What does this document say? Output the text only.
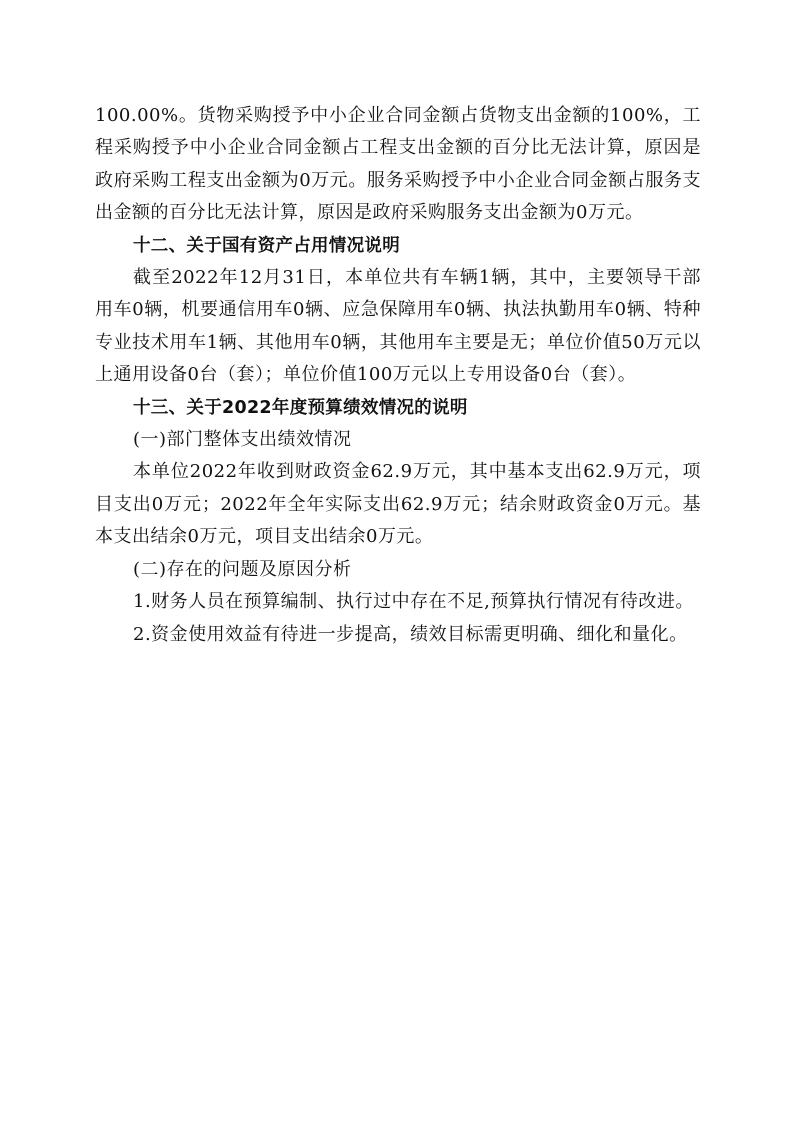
100.00%。货物采购授予中小企业合同金额占货物支出金额的100%，工程采购授予中小企业合同金额占工程支出金额的百分比无法计算，原因是政府采购工程支出金额为0万元。服务采购授予中小企业合同金额占服务支出金额的百分比无法计算，原因是政府采购服务支出金额为0万元。

十二、关于国有资产占用情况说明

截至2022年12月31日，本单位共有车辆1辆，其中，主要领导干部用车0辆，机要通信用车0辆、应急保障用车0辆、执法执勤用车0辆、特种专业技术用车1辆、其他用车0辆，其他用车主要是无；单位价值50万元以上通用设备0台（套）；单位价值100万元以上专用设备0台（套）。

十三、关于2022年度预算绩效情况的说明

(一)部门整体支出绩效情况

本单位2022年收到财政资金62.9万元，其中基本支出62.9万元，项目支出0万元；2022年全年实际支出62.9万元；结余财政资金0万元。基本支出结余0万元，项目支出结余0万元。

(二)存在的问题及原因分析

1.财务人员在预算编制、执行过中存在不足,预算执行情况有待改进。

2.资金使用效益有待进一步提高，绩效目标需更明确、细化和量化。
